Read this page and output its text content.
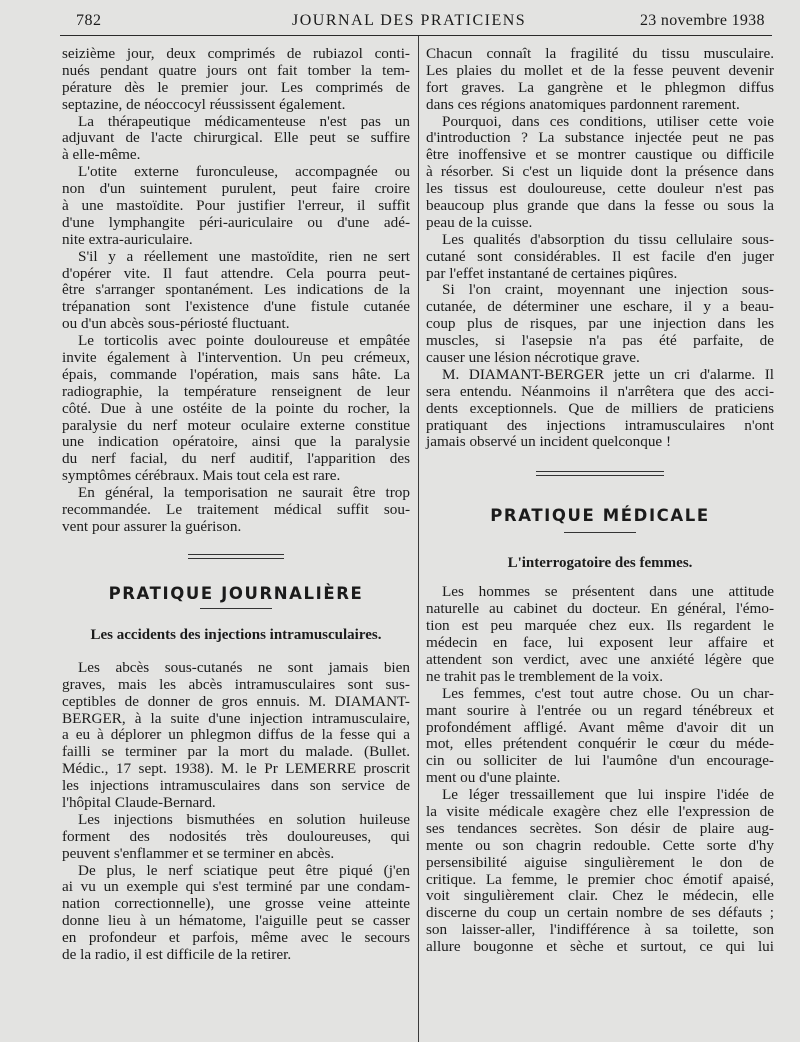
782	JOURNAL DES PRATICIENS	23 novembre 1938
seizième jour, deux comprimés de rubiazol conti-
nués pendant quatre jours ont fait tomber la tem-
pérature dès le premier jour. Les comprimés de
septazine, de néoccocyl réussissent également.
La thérapeutique médicamenteuse n'est pas un
adjuvant de l'acte chirurgical. Elle peut se suffire
à elle-même.
L'otite externe furonculeuse, accompagnée ou
non d'un suintement purulent, peut faire croire
à une mastoïdite. Pour justifier l'erreur, il suffit
d'une lymphangite péri-auriculaire ou d'une adé-
nite extra-auriculaire.
S'il y a réellement une mastoïdite, rien ne sert
d'opérer vite. Il faut attendre. Cela pourra peut-
être s'arranger spontanément. Les indications de la
trépanation sont l'existence d'une fistule cutanée
ou d'un abcès sous-périosté fluctuant.
Le torticolis avec pointe douloureuse et empâtée
invite également à l'intervention. Un peu crémeux,
épais, commande l'opération, mais sans hâte. La
radiographie, la température renseignent de leur
côté. Due à une ostéite de la pointe du rocher, la
paralysie du nerf moteur oculaire externe constitue
une indication opératoire, ainsi que la paralysie
du nerf facial, du nerf auditif, l'apparition des
symptômes cérébraux. Mais tout cela est rare.
En général, la temporisation ne saurait être trop
recommandée. Le traitement médical suffit sou-
vent pour assurer la guérison.
PRATIQUE JOURNALIÈRE
Les accidents des injections intramusculaires.
Les abcès sous-cutanés ne sont jamais bien
graves, mais les abcès intramusculaires sont sus-
ceptibles de donner de gros ennuis. M. DIAMANT-
BERGER, à la suite d'une injection intramusculaire,
a eu à déplorer un phlegmon diffus de la fesse qui a
failli se terminer par la mort du malade. (Bullet.
Médic., 17 sept. 1938). M. le Pr LEMERRE proscrit
les injections intramusculaires dans son service de
l'hôpital Claude-Bernard.
Les injections bismuthées en solution huileuse
forment des nodosités très douloureuses, qui
peuvent s'enflammer et se terminer en abcès.
De plus, le nerf sciatique peut être piqué (j'en
ai vu un exemple qui s'est terminé par une condam-
nation correctionnelle), une grosse veine atteinte
donne lieu à un hématome, l'aiguille peut se casser
en profondeur et parfois, même avec le secours
de la radio, il est difficile de la retirer.
Chacun connaît la fragilité du tissu musculaire.
Les plaies du mollet et de la fesse peuvent devenir
fort graves. La gangrène et le phlegmon diffus
dans ces régions anatomiques pardonnent rarement.
Pourquoi, dans ces conditions, utiliser cette voie
d'introduction ? La substance injectée peut ne pas
être inoffensive et se montrer caustique ou difficile
à résorber. Si c'est un liquide dont la présence dans
les tissus est douloureuse, cette douleur n'est pas
beaucoup plus grande que dans la fesse ou sous la
peau de la cuisse.
Les qualités d'absorption du tissu cellulaire sous-
cutané sont considérables. Il est facile d'en juger
par l'effet instantané de certaines piqûres.
Si l'on craint, moyennant une injection sous-
cutanée, de déterminer une eschare, il y a beau-
coup plus de risques, par une injection dans les
muscles, si l'asepsie n'a pas été parfaite, de
causer une lésion nécrotique grave.
M. DIAMANT-BERGER jette un cri d'alarme. Il
sera entendu. Néanmoins il n'arrêtera que des acci-
dents exceptionnels. Que de milliers de praticiens
pratiquant des injections intramusculaires n'ont
jamais observé un incident quelconque !
PRATIQUE MÉDICALE
L'interrogatoire des femmes.
Les hommes se présentent dans une attitude
naturelle au cabinet du docteur. En général, l'émo-
tion est peu marquée chez eux. Ils regardent le
médecin en face, lui exposent leur affaire et
attendent son verdict, avec une anxiété légère que
ne trahit pas le tremblement de la voix.
Les femmes, c'est tout autre chose. Ou un char-
mant sourire à l'entrée ou un regard ténébreux et
profondément affligé. Avant même d'avoir dit un
mot, elles prétendent conquérir le cœur du méde-
cin ou solliciter de lui l'aumône d'un encourage-
ment ou d'une plainte.
Le léger tressaillement que lui inspire l'idée de
la visite médicale exagère chez elle l'expression de
ses tendances secrètes. Son désir de plaire aug-
mente ou son chagrin redouble. Cette sorte d'hy
persensibilité aiguise singulièrement le don de
critique. La femme, le premier choc émotif apaisé,
voit singulièrement clair. Chez le médecin, elle
discerne du coup un certain nombre de ses défauts ;
son laisser-aller, l'indifférence à sa toilette, son
allure bougonne et sèche et surtout, ce qui lui
